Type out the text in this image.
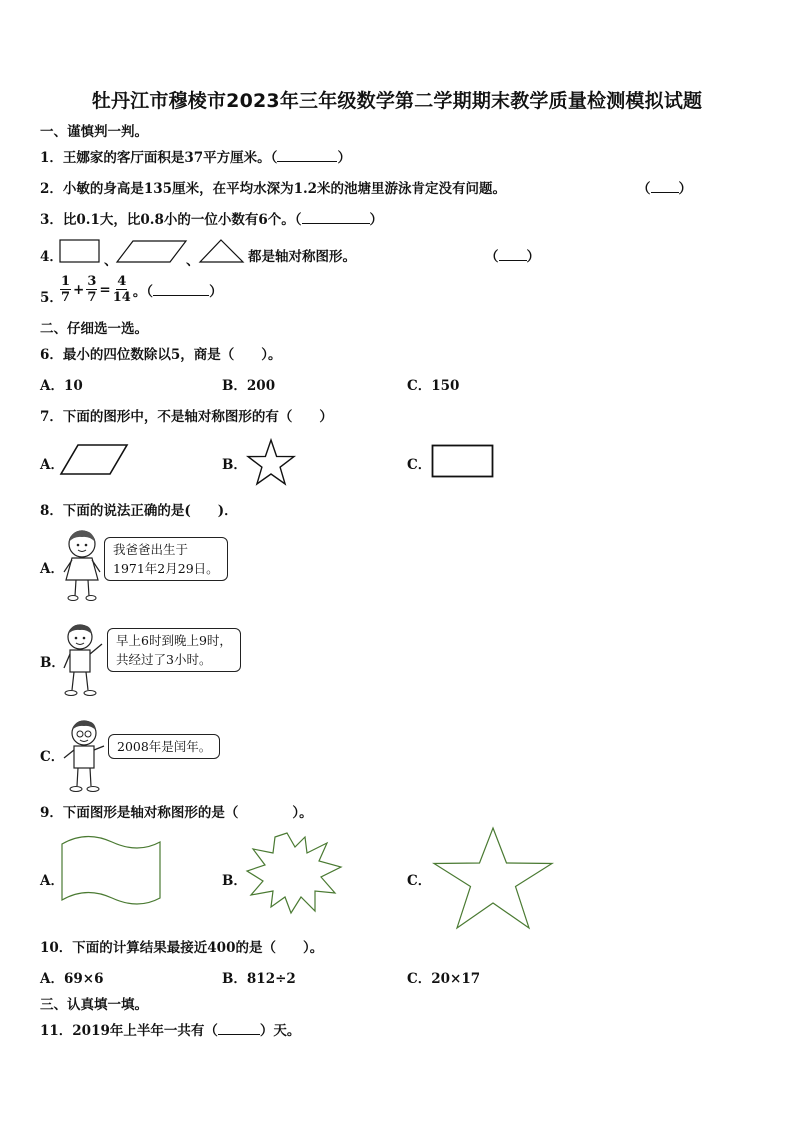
牡丹江市穆棱市2023年三年级数学第二学期期末教学质量检测模拟试题
一、谨慎判一判。
1．王娜家的客厅面积是37平方厘米。（	）
2．小敏的身高是135厘米，在平均水深为1.2米的池塘里游泳肯定没有问题。	（ ）
3．比0.1大，比0.8小的一位小数有6个。（	）
4．	、	、	都是轴对称图形。	（ ）
5．
$\frac{1}{7} + \frac{3}{7} = \frac{4}{14}$ 。（	）
二、仔细选一选。
6．最小的四位数除以5，商是（　　）。
A．10	B．200	C．150
7．下面的图形中，不是轴对称图形的有（　　）
A．	B．	C．
8．下面的说法正确的是(　　)．
A．
我爸爸出生于
1971年2月29日。
B．
早上6时到晚上9时，
共经过了3小时。
C．
2008年是闰年。
9．下面图形是轴对称图形的是（　　　　）。
A．	B．	C．
10．下面的计算结果最接近400的是（　　）。
A．69×6	B．812÷2	C．20×17
三、认真填一填。
11．2019年上半年一共有（	）天。
